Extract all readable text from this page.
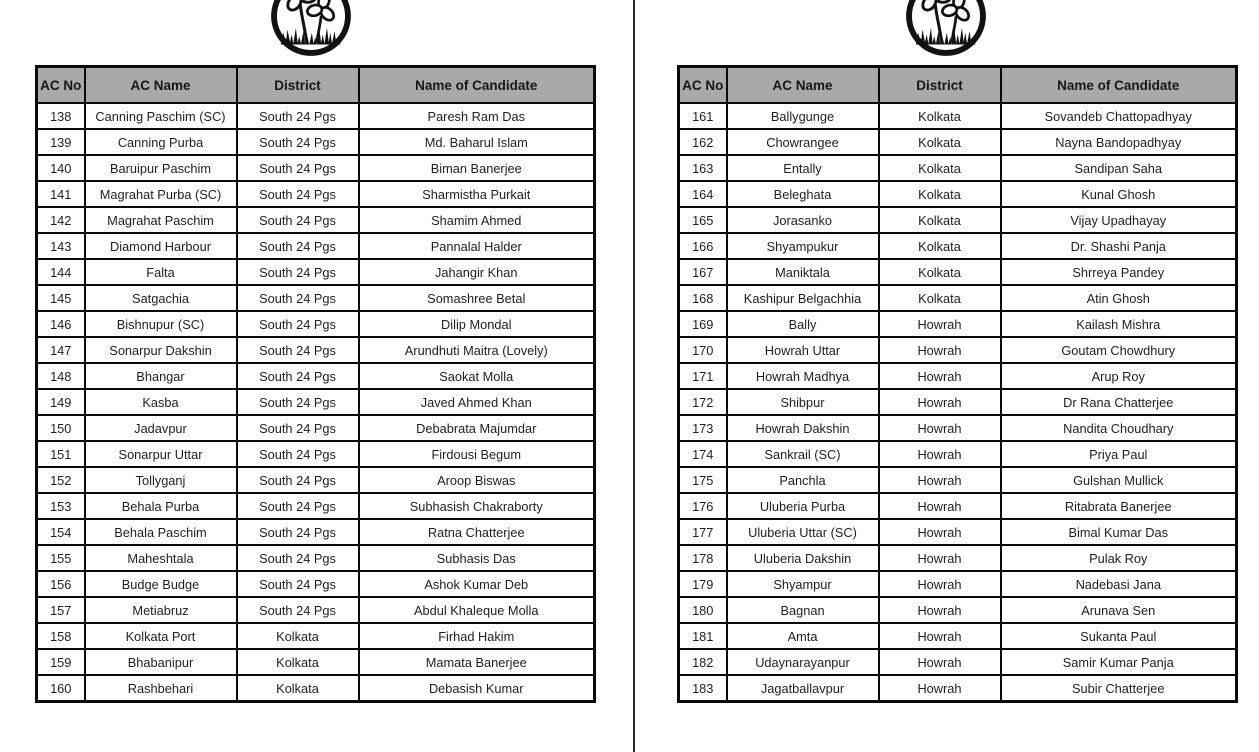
AC No	AC Name	District	Name of Candidate
138	Canning Paschim (SC)	South 24 Pgs	Paresh Ram Das
139	Canning Purba	South 24 Pgs	Md. Baharul Islam
140	Baruipur Paschim	South 24 Pgs	Biman Banerjee
141	Magrahat Purba (SC)	South 24 Pgs	Sharmistha Purkait
142	Magrahat Paschim	South 24 Pgs	Shamim Ahmed
143	Diamond Harbour	South 24 Pgs	Pannalal Halder
144	Falta	South 24 Pgs	Jahangir Khan
145	Satgachia	South 24 Pgs	Somashree Betal
146	Bishnupur (SC)	South 24 Pgs	Dilip Mondal
147	Sonarpur Dakshin	South 24 Pgs	Arundhuti Maitra (Lovely)
148	Bhangar	South 24 Pgs	Saokat Molla
149	Kasba	South 24 Pgs	Javed Ahmed Khan
150	Jadavpur	South 24 Pgs	Debabrata Majumdar
151	Sonarpur Uttar	South 24 Pgs	Firdousi Begum
152	Tollyganj	South 24 Pgs	Aroop Biswas
153	Behala Purba	South 24 Pgs	Subhasish Chakraborty
154	Behala Paschim	South 24 Pgs	Ratna Chatterjee
155	Maheshtala	South 24 Pgs	Subhasis Das
156	Budge Budge	South 24 Pgs	Ashok Kumar Deb
157	Metiabruz	South 24 Pgs	Abdul Khaleque Molla
158	Kolkata Port	Kolkata	Firhad Hakim
159	Bhabanipur	Kolkata	Mamata Banerjee
160	Rashbehari	Kolkata	Debasish Kumar
AC No	AC Name	District	Name of Candidate
161	Ballygunge	Kolkata	Sovandeb Chattopadhyay
162	Chowrangee	Kolkata	Nayna Bandopadhyay
163	Entally	Kolkata	Sandipan Saha
164	Beleghata	Kolkata	Kunal Ghosh
165	Jorasanko	Kolkata	Vijay Upadhayay
166	Shyampukur	Kolkata	Dr. Shashi Panja
167	Maniktala	Kolkata	Shrreya Pandey
168	Kashipur Belgachhia	Kolkata	Atin Ghosh
169	Bally	Howrah	Kailash Mishra
170	Howrah Uttar	Howrah	Goutam Chowdhury
171	Howrah Madhya	Howrah	Arup Roy
172	Shibpur	Howrah	Dr Rana Chatterjee
173	Howrah Dakshin	Howrah	Nandita Choudhary
174	Sankrail (SC)	Howrah	Priya Paul
175	Panchla	Howrah	Gulshan Mullick
176	Uluberia Purba	Howrah	Ritabrata Banerjee
177	Uluberia Uttar (SC)	Howrah	Bimal Kumar Das
178	Uluberia Dakshin	Howrah	Pulak Roy
179	Shyampur	Howrah	Nadebasi Jana
180	Bagnan	Howrah	Arunava Sen
181	Amta	Howrah	Sukanta Paul
182	Udaynarayanpur	Howrah	Samir Kumar Panja
183	Jagatballavpur	Howrah	Subir Chatterjee
